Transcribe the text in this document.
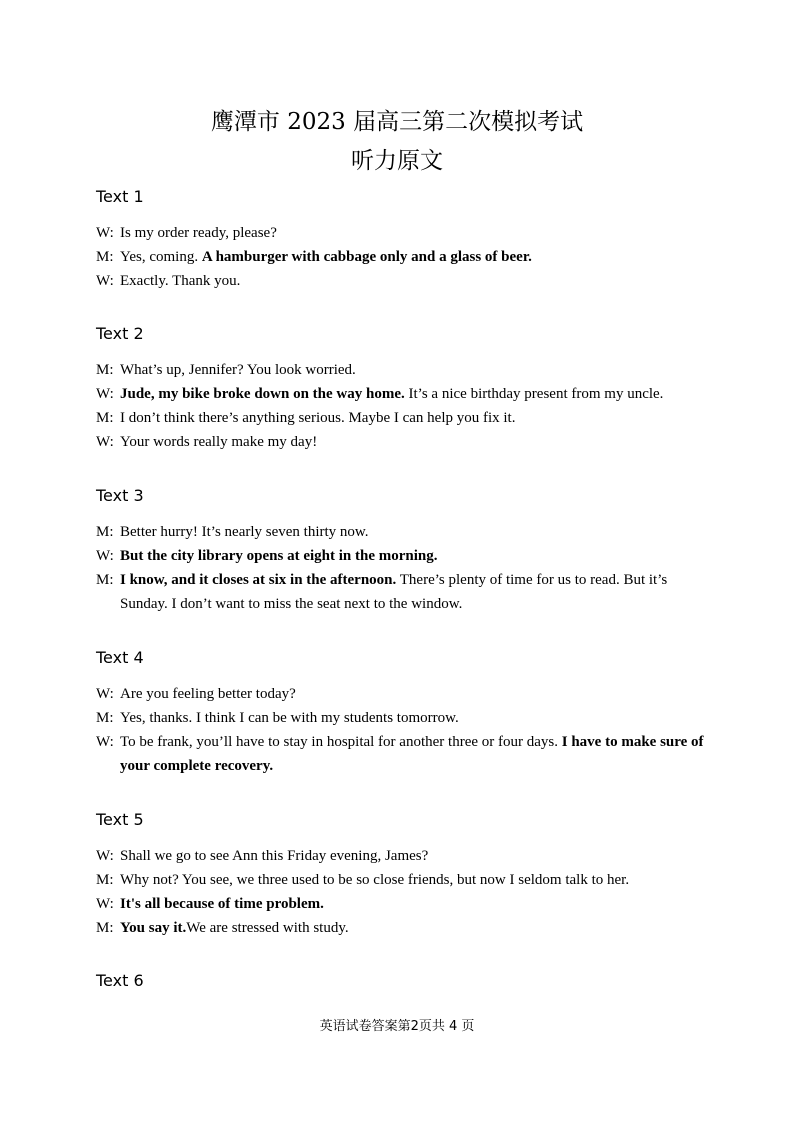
鹰潭市 2023 届高三第二次模拟考试
听力原文
Text 1
W: Is my order ready, please?
M: Yes, coming. A hamburger with cabbage only and a glass of beer.
W: Exactly. Thank you.
Text 2
M: What’s up, Jennifer? You look worried.
W: Jude, my bike broke down on the way home. It’s a nice birthday present from my uncle.
M: I don’t think there’s anything serious. Maybe I can help you fix it.
W: Your words really make my day!
Text 3
M: Better hurry! It’s nearly seven thirty now.
W: But the city library opens at eight in the morning.
M: I know, and it closes at six in the afternoon. There’s plenty of time for us to read. But it’s Sunday. I don’t want to miss the seat next to the window.
Text 4
W: Are you feeling better today?
M: Yes, thanks. I think I can be with my students tomorrow.
W: To be frank, you’ll have to stay in hospital for another three or four days. I have to make sure of your complete recovery.
Text 5
W: Shall we go to see Ann this Friday evening, James?
M: Why not? You see, we three used to be so close friends, but now I seldom talk to her.
W: It's all because of time problem.
M: You say it.We are stressed with study.
Text 6
英语试卷答案第2页共 4 页
